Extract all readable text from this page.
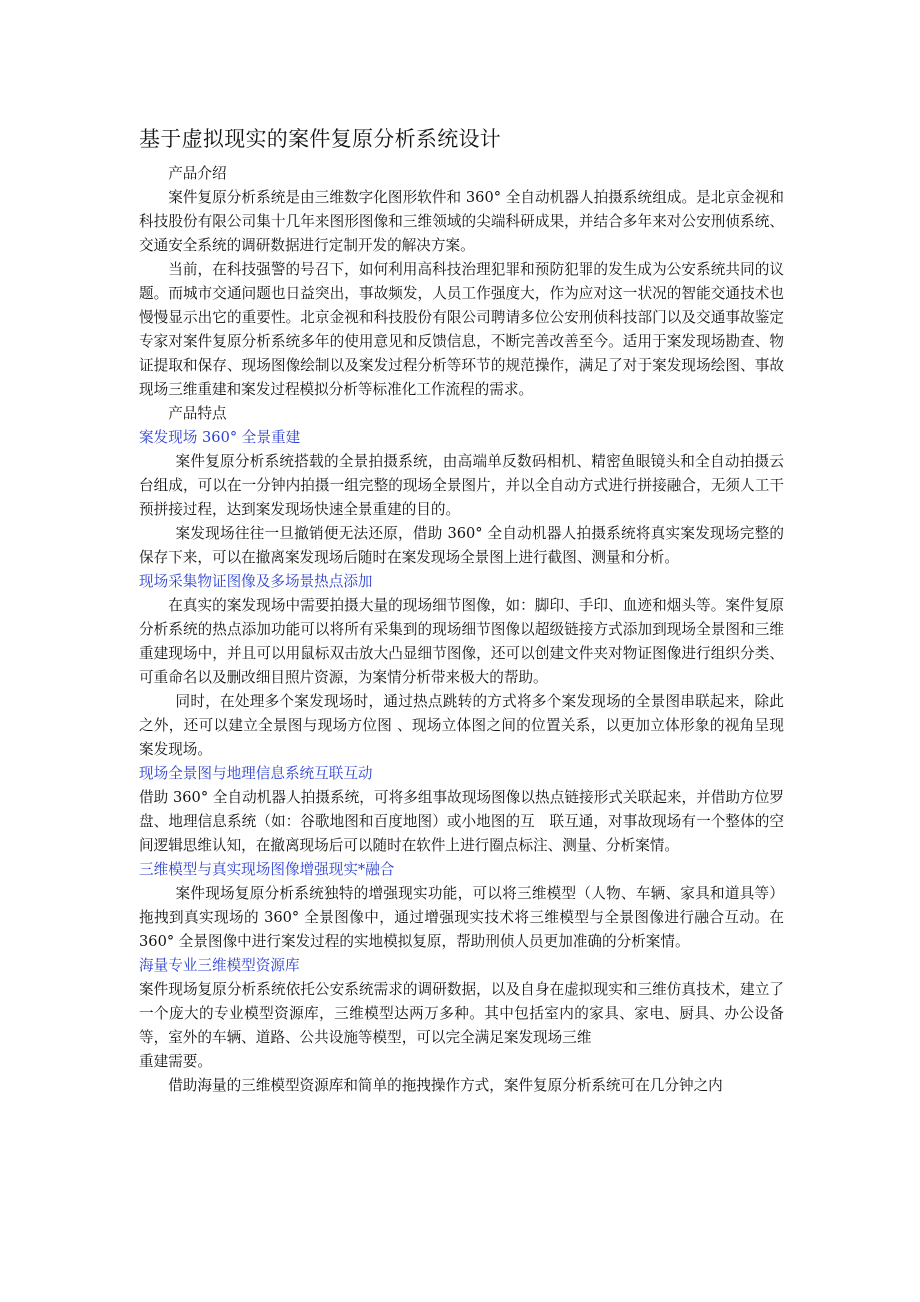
基于虚拟现实的案件复原分析系统设计

产品介绍

案件复原分析系统是由三维数字化图形软件和 360° 全自动机器人拍摄系统组成。是北京金视和科技股份有限公司集十几年来图形图像和三维领域的尖端科研成果，并结合多年来对公安刑侦系统、交通安全系统的调研数据进行定制开发的解决方案。

当前，在科技强警的号召下，如何利用高科技治理犯罪和预防犯罪的发生成为公安系统共同的议题。而城市交通问题也日益突出，事故频发，人员工作强度大，作为应对这一状况的智能交通技术也慢慢显示出它的重要性。北京金视和科技股份有限公司聘请多位公安刑侦科技部门以及交通事故鉴定专家对案件复原分析系统多年的使用意见和反馈信息，不断完善改善至今。适用于案发现场勘查、物证提取和保存、现场图像绘制以及案发过程分析等环节的规范操作，满足了对于案发现场绘图、事故现场三维重建和案发过程模拟分析等标准化工作流程的需求。

产品特点

案发现场 360° 全景重建

案件复原分析系统搭载的全景拍摄系统，由高端单反数码相机、精密鱼眼镜头和全自动拍摄云台组成，可以在一分钟内拍摄一组完整的现场全景图片，并以全自动方式进行拼接融合，无须人工干预拼接过程，达到案发现场快速全景重建的目的。

案发现场往往一旦撤销便无法还原，借助 360° 全自动机器人拍摄系统将真实案发现场完整的保存下来，可以在撤离案发现场后随时在案发现场全景图上进行截图、测量和分析。

现场采集物证图像及多场景热点添加

在真实的案发现场中需要拍摄大量的现场细节图像，如：脚印、手印、血迹和烟头等。案件复原分析系统的热点添加功能可以将所有采集到的现场细节图像以超级链接方式添加到现场全景图和三维重建现场中，并且可以用鼠标双击放大凸显细节图像，还可以创建文件夹对物证图像进行组织分类、可重命名以及删改细目照片资源，为案情分析带来极大的帮助。

同时，在处理多个案发现场时，通过热点跳转的方式将多个案发现场的全景图串联起来，除此之外，还可以建立全景图与现场方位图 、现场立体图之间的位置关系，以更加立体形象的视角呈现案发现场。

现场全景图与地理信息系统互联互动

借助 360° 全自动机器人拍摄系统，可将多组事故现场图像以热点链接形式关联起来，并借助方位罗盘、地理信息系统（如：谷歌地图和百度地图）或小地图的互　联互通，对事故现场有一个整体的空间逻辑思维认知，在撤离现场后可以随时在软件上进行圈点标注、测量、分析案情。

三维模型与真实现场图像增强现实*融合

案件现场复原分析系统独特的增强现实功能，可以将三维模型（人物、车辆、家具和道具等）拖拽到真实现场的 360° 全景图像中，通过增强现实技术将三维模型与全景图像进行融合互动。在 360° 全景图像中进行案发过程的实地模拟复原，帮助刑侦人员更加准确的分析案情。

海量专业三维模型资源库

案件现场复原分析系统依托公安系统需求的调研数据，以及自身在虚拟现实和三维仿真技术，建立了一个庞大的专业模型资源库，三维模型达两万多种。其中包括室内的家具、家电、厨具、办公设备等，室外的车辆、道路、公共设施等模型，可以完全满足案发现场三维

重建需要。

借助海量的三维模型资源库和简单的拖拽操作方式，案件复原分析系统可在几分钟之内
